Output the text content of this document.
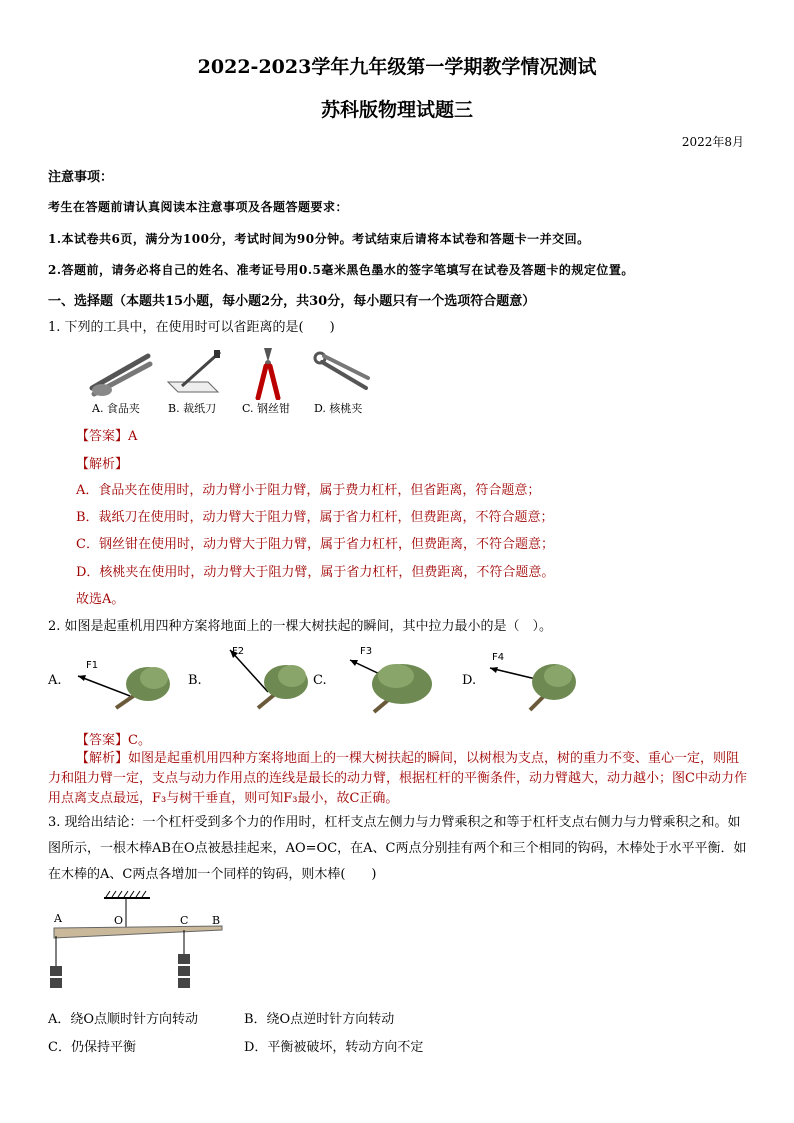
2022-2023学年九年级第一学期教学情况测试
苏科版物理试题三
2022年8月
注意事项：
考生在答题前请认真阅读本注意事项及各题答题要求：
1.本试卷共6页，满分为100分，考试时间为90分钟。考试结束后请将本试卷和答题卡一并交回。
2.答题前，请务必将自己的姓名、准考证号用0.5毫米黑色墨水的签字笔填写在试卷及答题卡的规定位置。
一、选择题（本题共15小题，每小题2分，共30分，每小题只有一个选项符合题意）
1. 下列的工具中，在使用时可以省距离的是(　　)
A. 食品夹	B. 裁纸刀 C. 钢丝钳 D. 核桃夹
【答案】A
【解析】
A．食品夹在使用时，动力臂小于阻力臂，属于费力杠杆，但省距离，符合题意；
B．裁纸刀在使用时，动力臂大于阻力臂，属于省力杠杆，但费距离，不符合题意；
C．钢丝钳在使用时，动力臂大于阻力臂，属于省力杠杆，但费距离，不符合题意；
D．核桃夹在使用时，动力臂大于阻力臂，属于省力杠杆，但费距离，不符合题意。
故选A。
2. 如图是起重机用四种方案将地面上的一棵大树扶起的瞬间，其中拉力最小的是（　）。
A.	B.	C.	D.
F1
F2	F3
F4
【答案】C。
【解析】如图是起重机用四种方案将地面上的一棵大树扶起的瞬间，以树根为支点，树的重力不变、重心一定，则阻力和阻力臂一定，支点与动力作用点的连线是最长的动力臂，根据杠杆的平衡条件，动力臂越大，动力越小；图C中动力作用点离支点最远，F₃与树干垂直，则可知F₃最小，故C正确。
3. 现给出结论：一个杠杆受到多个力的作用时，杠杆支点左侧力与力臂乘积之和等于杠杆支点右侧力与力臂乘积之和。如图所示，一根木棒AB在O点被悬挂起来，AO=OC，在A、C两点分别挂有两个和三个相同的钩码，木棒处于水平平衡．如在木棒的A、C两点各增加一个同样的钩码，则木棒(　　)
A	O	C B
A．绕O点顺时针方向转动	B．绕O点逆时针方向转动
C．仍保持平衡	D．平衡被破坏，转动方向不定
